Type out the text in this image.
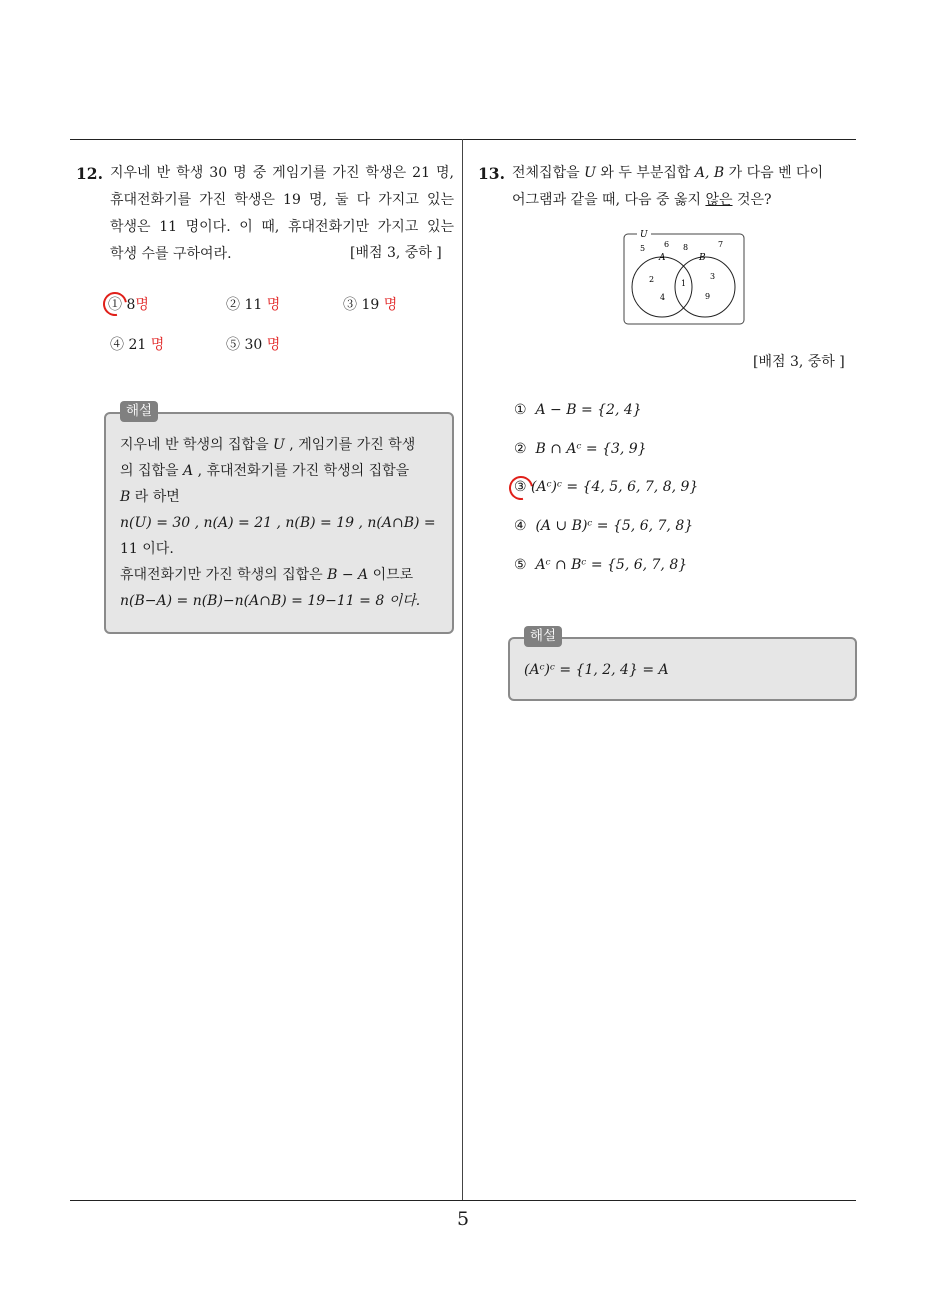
5
12. 지우네 반 학생 30 명 중 게임기를 가진 학생은 21 명,
휴대전화기를 가진 학생은 19 명, 둘 다 가지고 있는
학생은 11 명이다. 이 때, 휴대전화기만 가지고 있는
학생 수를 구하여라.	[배점 3, 중하 ]
① 8명	② 11 명	③ 19 명
④ 21 명	⑤ 30 명
지우네 반 학생의 집합을 U , 게임기를 가진 학생
의 집합을 A , 휴대전화기를 가진 학생의 집합을
B 라 하면
n(U) = 30 , n(A) = 21 , n(B) = 19 , n(A∩B) =
11 이다.
휴대전화기만 가진 학생의 집합은 B − A 이므로
n(B−A) = n(B)−n(A∩B) = 19−11 = 8 이다.
해설
13. 전체집합을 U 와 두 부분집합 A, B 가 다음 벤 다이
어그램과 같을 때, 다음 중 옳지 않은 것은?
U
A	B
5 6 8	7
2
4
1
3
9
[배점 3, 중하 ]
① A − B = {2, 4}
② B ∩ Aᶜ = {3, 9}
③ (Aᶜ)ᶜ = {4, 5, 6, 7, 8, 9}
④ (A ∪ B)ᶜ = {5, 6, 7, 8}
⑤ Aᶜ ∩ Bᶜ = {5, 6, 7, 8}
(Aᶜ)ᶜ = {1, 2, 4} = A
해설
